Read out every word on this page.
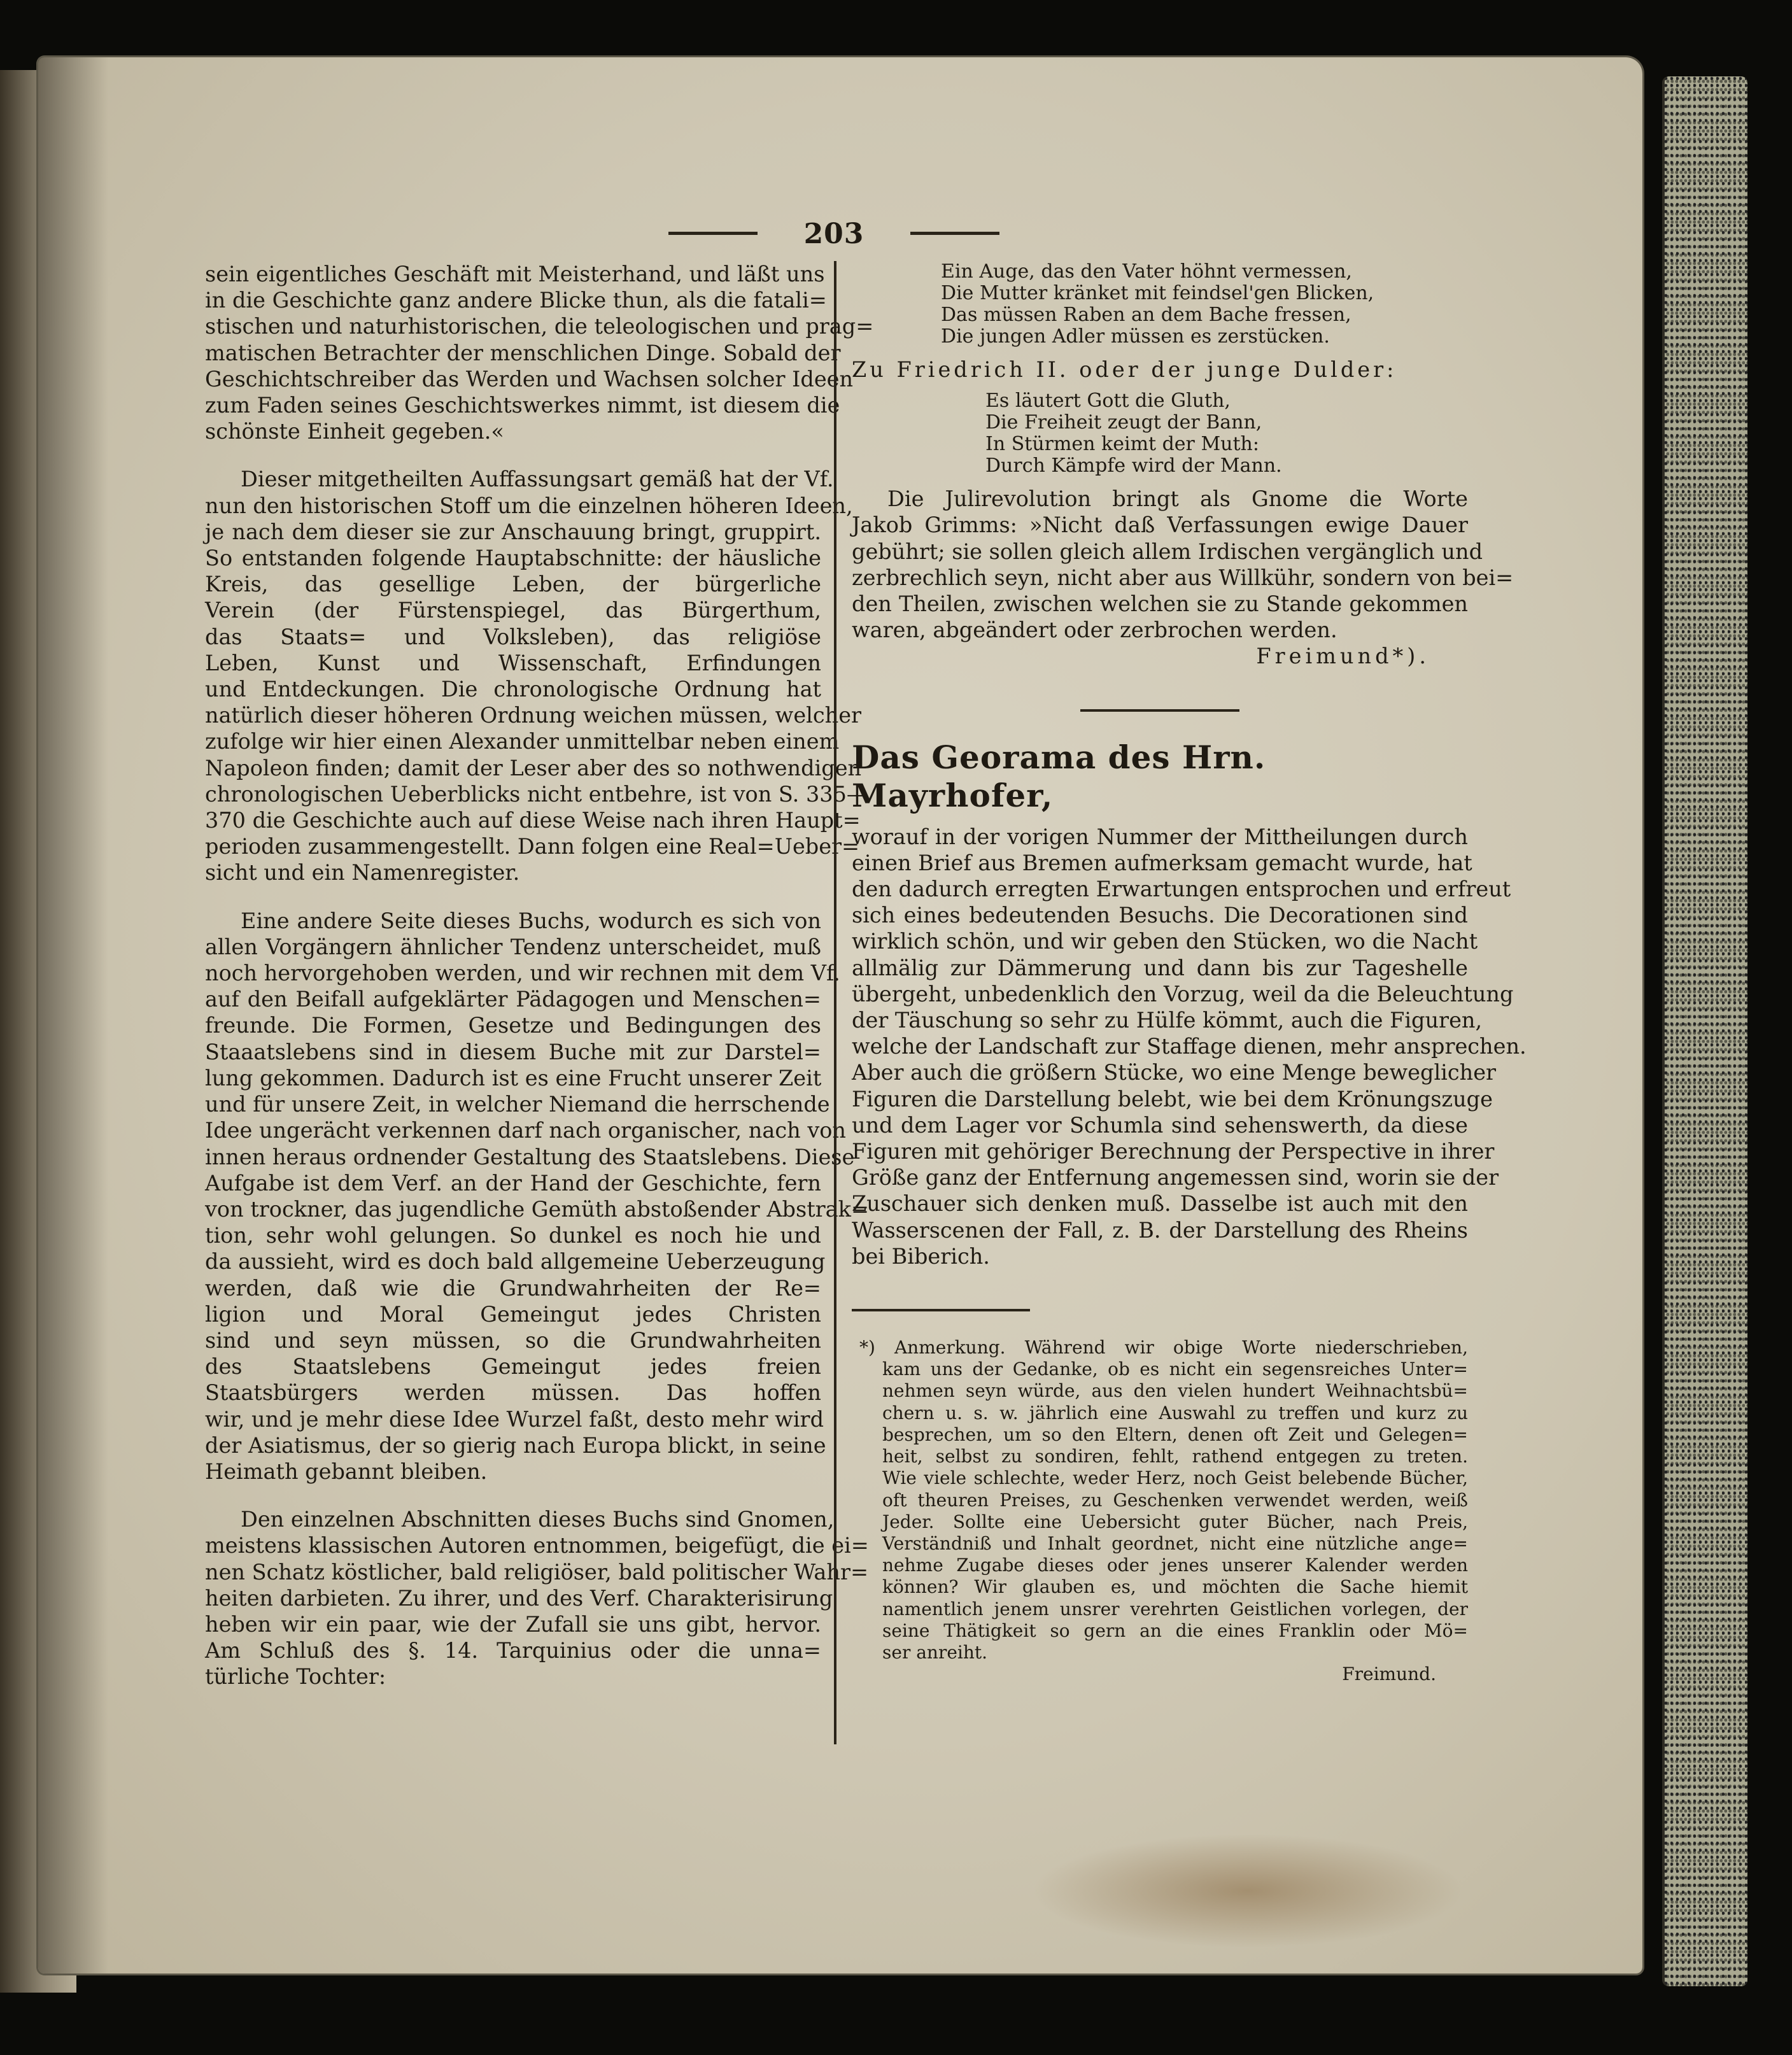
203
sein eigentliches Geschäft mit Meisterhand, und läßt uns
in die Geschichte ganz andere Blicke thun, als die fatali=
stischen und naturhistorischen, die teleologischen und prag=
matischen Betrachter der menschlichen Dinge. Sobald der
Geschichtschreiber das Werden und Wachsen solcher Ideen
zum Faden seines Geschichtswerkes nimmt, ist diesem die
schönste Einheit gegeben.«
Dieser mitgetheilten Auffassungsart gemäß hat der Vf.
nun den historischen Stoff um die einzelnen höheren Ideen,
je nach dem dieser sie zur Anschauung bringt, gruppirt.
So entstanden folgende Hauptabschnitte: der häusliche
Kreis, das gesellige Leben, der bürgerliche
Verein (der Fürstenspiegel, das Bürgerthum,
das Staats= und Volksleben), das religiöse
Leben, Kunst und Wissenschaft, Erfindungen
und Entdeckungen. Die chronologische Ordnung hat
natürlich dieser höheren Ordnung weichen müssen, welcher
zufolge wir hier einen Alexander unmittelbar neben einem
Napoleon finden; damit der Leser aber des so nothwendigen
chronologischen Ueberblicks nicht entbehre, ist von S. 335—
370 die Geschichte auch auf diese Weise nach ihren Haupt=
perioden zusammengestellt. Dann folgen eine Real=Ueber=
sicht und ein Namenregister.
Eine andere Seite dieses Buchs, wodurch es sich von
allen Vorgängern ähnlicher Tendenz unterscheidet, muß
noch hervorgehoben werden, und wir rechnen mit dem Vf.
auf den Beifall aufgeklärter Pädagogen und Menschen=
freunde. Die Formen, Gesetze und Bedingungen des
Staaatslebens sind in diesem Buche mit zur Darstel=
lung gekommen. Dadurch ist es eine Frucht unserer Zeit
und für unsere Zeit, in welcher Niemand die herrschende
Idee ungerächt verkennen darf nach organischer, nach von
innen heraus ordnender Gestaltung des Staatslebens. Diese
Aufgabe ist dem Verf. an der Hand der Geschichte, fern
von trockner, das jugendliche Gemüth abstoßender Abstrak=
tion, sehr wohl gelungen. So dunkel es noch hie und
da aussieht, wird es doch bald allgemeine Ueberzeugung
werden, daß wie die Grundwahrheiten der Re=
ligion und Moral Gemeingut jedes Christen
sind und seyn müssen, so die Grundwahrheiten
des Staatslebens Gemeingut jedes freien
Staatsbürgers werden müssen. Das hoffen
wir, und je mehr diese Idee Wurzel faßt, desto mehr wird
der Asiatismus, der so gierig nach Europa blickt, in seine
Heimath gebannt bleiben.
Den einzelnen Abschnitten dieses Buchs sind Gnomen,
meistens klassischen Autoren entnommen, beigefügt, die ei=
nen Schatz köstlicher, bald religiöser, bald politischer Wahr=
heiten darbieten. Zu ihrer, und des Verf. Charakterisirung
heben wir ein paar, wie der Zufall sie uns gibt, hervor.
Am Schluß des §. 14. Tarquinius oder die unna=
türliche Tochter:
Ein Auge, das den Vater höhnt vermessen,
Die Mutter kränket mit feindsel'gen Blicken,
Das müssen Raben an dem Bache fressen,
Die jungen Adler müssen es zerstücken.
Zu Friedrich II. oder der junge Dulder:
Es läutert Gott die Gluth,
Die Freiheit zeugt der Bann,
In Stürmen keimt der Muth:
Durch Kämpfe wird der Mann.
Die Julirevolution bringt als Gnome die Worte
Jakob Grimms: »Nicht daß Verfassungen ewige Dauer
gebührt; sie sollen gleich allem Irdischen vergänglich und
zerbrechlich seyn, nicht aber aus Willkühr, sondern von bei=
den Theilen, zwischen welchen sie zu Stande gekommen
waren, abgeändert oder zerbrochen werden.
Freimund*).
Das Georama des Hrn. Mayrhofer,
worauf in der vorigen Nummer der Mittheilungen durch
einen Brief aus Bremen aufmerksam gemacht wurde, hat
den dadurch erregten Erwartungen entsprochen und erfreut
sich eines bedeutenden Besuchs. Die Decorationen sind
wirklich schön, und wir geben den Stücken, wo die Nacht
allmälig zur Dämmerung und dann bis zur Tageshelle
übergeht, unbedenklich den Vorzug, weil da die Beleuchtung
der Täuschung so sehr zu Hülfe kömmt, auch die Figuren,
welche der Landschaft zur Staffage dienen, mehr ansprechen.
Aber auch die größern Stücke, wo eine Menge beweglicher
Figuren die Darstellung belebt, wie bei dem Krönungszuge
und dem Lager vor Schumla sind sehenswerth, da diese
Figuren mit gehöriger Berechnung der Perspective in ihrer
Größe ganz der Entfernung angemessen sind, worin sie der
Zuschauer sich denken muß. Dasselbe ist auch mit den
Wasserscenen der Fall, z. B. der Darstellung des Rheins
bei Biberich.
*) Anmerkung. Während wir obige Worte niederschrieben,
kam uns der Gedanke, ob es nicht ein segensreiches Unter=
nehmen seyn würde, aus den vielen hundert Weihnachtsbü=
chern u. s. w. jährlich eine Auswahl zu treffen und kurz zu
besprechen, um so den Eltern, denen oft Zeit und Gelegen=
heit, selbst zu sondiren, fehlt, rathend entgegen zu treten.
Wie viele schlechte, weder Herz, noch Geist belebende Bücher,
oft theuren Preises, zu Geschenken verwendet werden, weiß
Jeder. Sollte eine Uebersicht guter Bücher, nach Preis,
Verständniß und Inhalt geordnet, nicht eine nützliche ange=
nehme Zugabe dieses oder jenes unserer Kalender werden
können? Wir glauben es, und möchten die Sache hiemit
namentlich jenem unsrer verehrten Geistlichen vorlegen, der
seine Thätigkeit so gern an die eines Franklin oder Mö=
ser anreiht.
Freimund.
